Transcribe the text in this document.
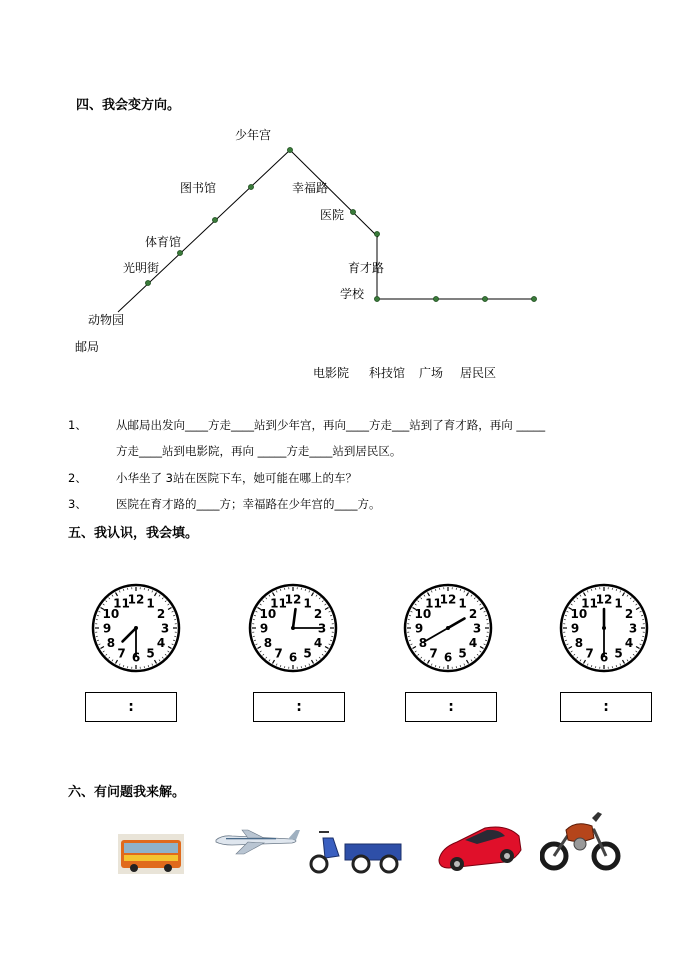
四、我会变方向。
少年宫
图书馆	幸福路
医院
体育馆
光明街	育才路
学校
动物园
邮局
电影院 科技馆 广场 居民区
1、	从邮局出发向____方走____站到少年宫，再向____方走___站到了育才路，再向 _____
方走____站到电影院，再向 _____方走____站到居民区。
2、	小华坐了 3站在医院下车，她可能在哪上的车？
3、	医院在育才路的____方；幸福路在少年宫的____方。
五、我认识，我会填。
12 1
2
3
4
5
6
7
8
9
10
11	12 1
2
3
4
5
6
7
8
9
10
11	12 1
2
3
4
5
6
7
8
9
10
11	12 1
2
3
4
5
6
7
8
9
10
11
:	:	:	:
六、有问题我来解。
